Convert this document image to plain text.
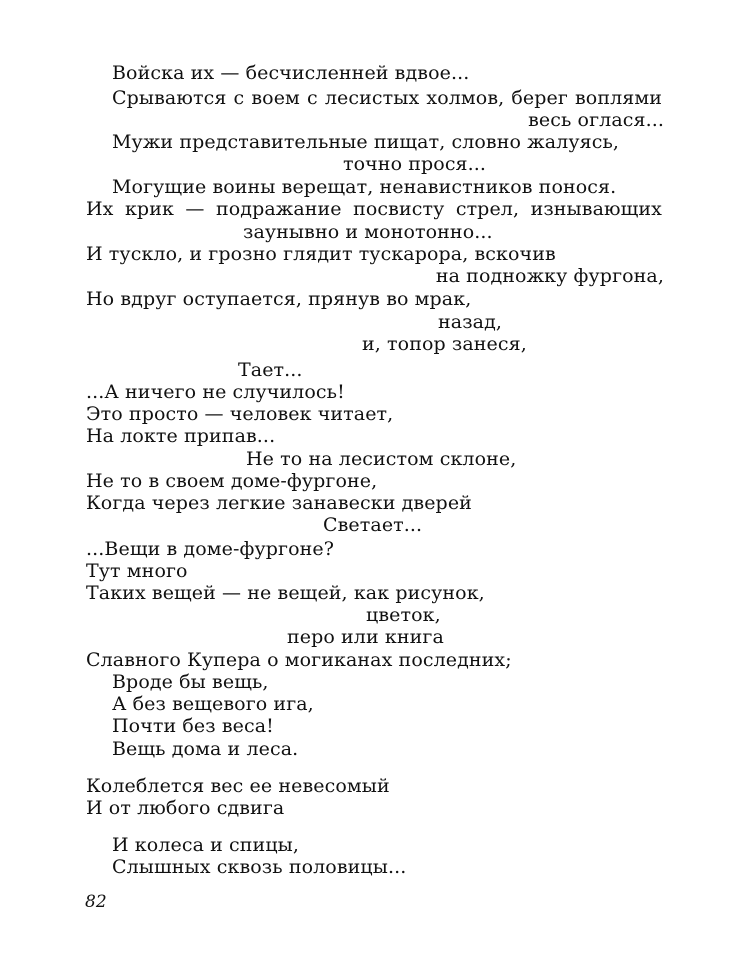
Войска их — бесчисленней вдвое...
Срываются с воем с лесистых холмов, берег воплями
весь оглася...
Мужи представительные пищат, словно жалуясь,
точно прося...
Могущие воины верещат, ненавистников понося.
Их крик — подражание посвисту стрел, изнывающих
заунывно и монотонно...
И тускло, и грозно глядит тускарора, вскочив
на подножку фургона,
Но вдруг оступается, прянув во мрак,
назад,
и, топор занеся,
Тает...
...А ничего не случилось!
Это просто — человек читает,
На локте припав...
Не то на лесистом склоне,
Не то в своем доме-фургоне,
Когда через легкие занавески дверей
Светает...
...Вещи в доме-фургоне?
Тут много
Таких вещей — не вещей, как рисунок,
цветок,
перо или книга
Славного Купера о могиканах последних;
Вроде бы вещь,
А без вещевого ига,
Почти без веса!
Вещь дома и леса.
Колеблется вес ее невесомый
И от любого сдвига
И колеса и спицы,
Слышных сквозь половицы...
82
